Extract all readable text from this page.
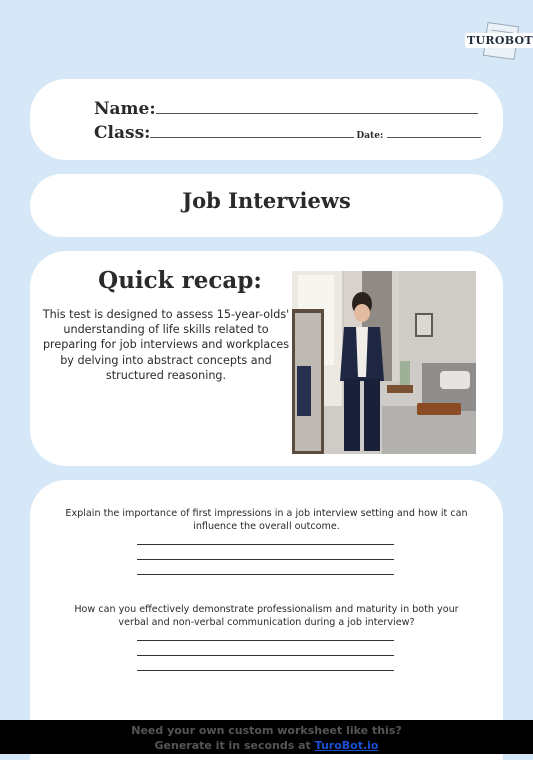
TUROBOT
Name:
Class:	Date:
Job Interviews
Quick recap:
This test is designed to assess 15-year-olds' understanding of life skills related to preparing for job interviews and workplaces by delving into abstract concepts and structured reasoning.
Explain the importance of first impressions in a job interview setting and how it can influence the overall outcome.
How can you effectively demonstrate professionalism and maturity in both your verbal and non-verbal communication during a job interview?
Need your own custom worksheet like this?
Generate it in seconds at TuroBot.io
